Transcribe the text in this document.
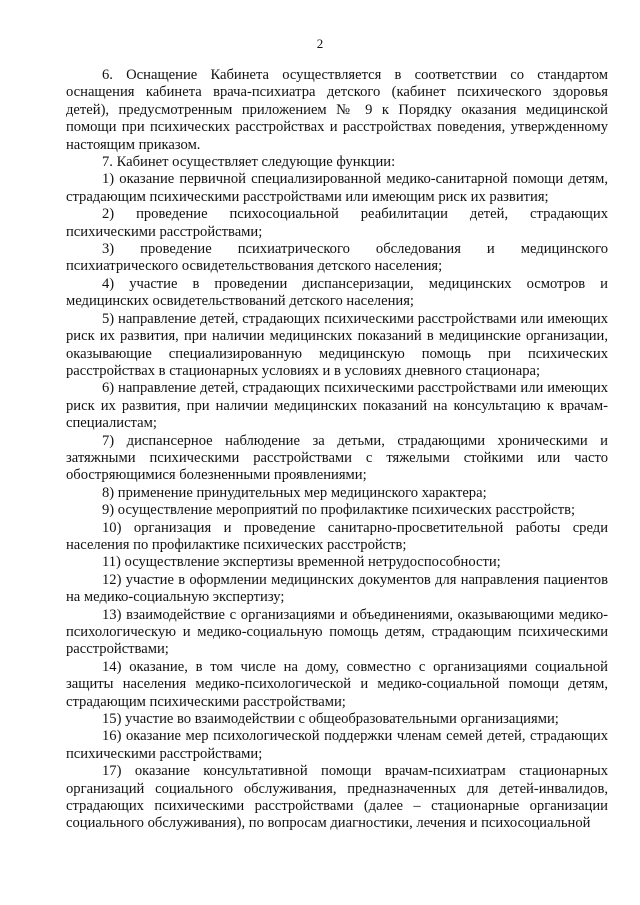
2

6. Оснащение Кабинета осуществляется в соответствии со стандартом оснащения кабинета врача-психиатра детского (кабинет психического здоровья детей), предусмотренным приложением № 9 к Порядку оказания медицинской помощи при психических расстройствах и расстройствах поведения, утвержденному настоящим приказом.

7. Кабинет осуществляет следующие функции:

1) оказание первичной специализированной медико-санитарной помощи детям, страдающим психическими расстройствами или имеющим риск их развития;

2) проведение психосоциальной реабилитации детей, страдающих психическими расстройствами;

3) проведение психиатрического обследования и медицинского психиатрического освидетельствования детского населения;

4) участие в проведении диспансеризации, медицинских осмотров и медицинских освидетельствований детского населения;

5) направление детей, страдающих психическими расстройствами или имеющих риск их развития, при наличии медицинских показаний в медицинские организации, оказывающие специализированную медицинскую помощь при психических расстройствах в стационарных условиях и в условиях дневного стационара;

6) направление детей, страдающих психическими расстройствами или имеющих риск их развития, при наличии медицинских показаний на консультацию к врачам-специалистам;

7) диспансерное наблюдение за детьми, страдающими хроническими и затяжными психическими расстройствами с тяжелыми стойкими или часто обостряющимися болезненными проявлениями;

8) применение принудительных мер медицинского характера;

9) осуществление мероприятий по профилактике психических расстройств;

10) организация и проведение санитарно-просветительной работы среди населения по профилактике психических расстройств;

11) осуществление экспертизы временной нетрудоспособности;

12) участие в оформлении медицинских документов для направления пациентов на медико-социальную экспертизу;

13) взаимодействие с организациями и объединениями, оказывающими медико-психологическую и медико-социальную помощь детям, страдающим психическими расстройствами;

14) оказание, в том числе на дому, совместно с организациями социальной защиты населения медико-психологической и медико-социальной помощи детям, страдающим психическими расстройствами;

15) участие во взаимодействии с общеобразовательными организациями;

16) оказание мер психологической поддержки членам семей детей, страдающих психическими расстройствами;

17) оказание консультативной помощи врачам-психиатрам стационарных организаций социального обслуживания, предназначенных для детей-инвалидов, страдающих психическими расстройствами (далее – стационарные организации социального обслуживания), по вопросам диагностики, лечения и психосоциальной
